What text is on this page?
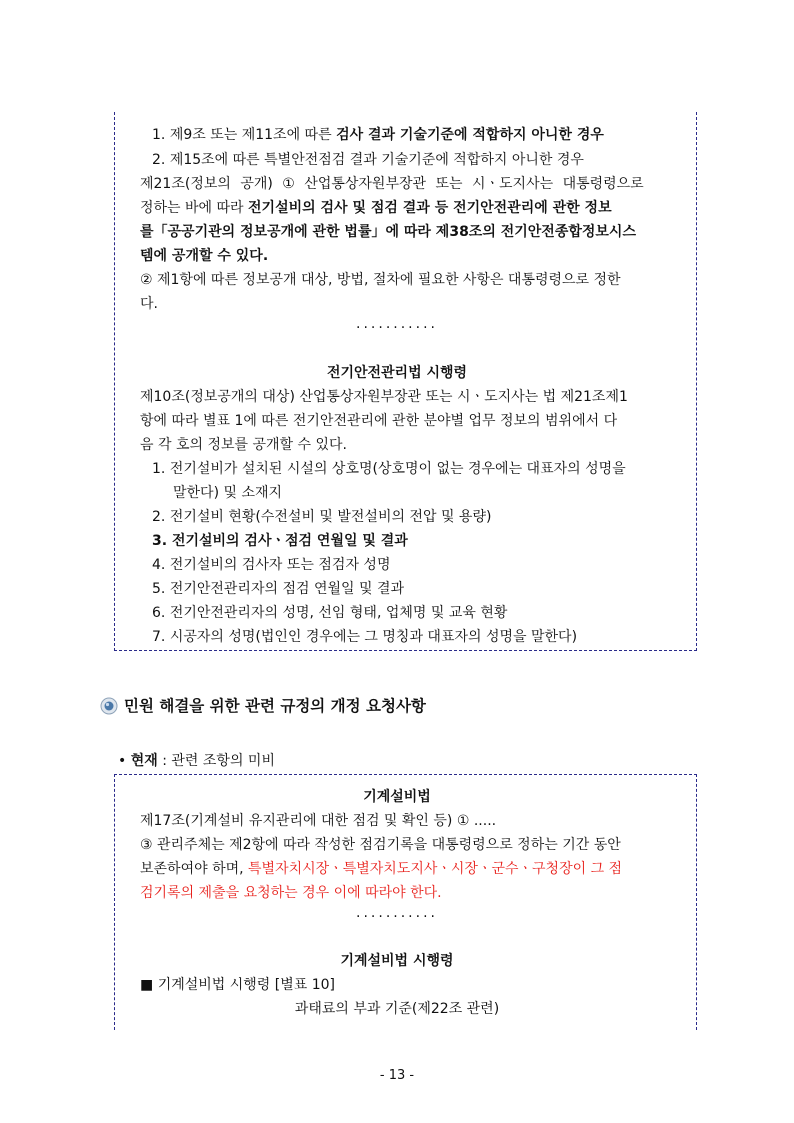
1. 제9조 또는 제11조에 따른 검사 결과 기술기준에 적합하지 아니한 경우
2. 제15조에 따른 특별안전점검 결과 기술기준에 적합하지 아니한 경우
제21조(정보의 공개) ① 산업통상자원부장관 또는 시ㆍ도지사는 대통령령으로
정하는 바에 따라 전기설비의 검사 및 점검 결과 등 전기안전관리에 관한 정보
를「공공기관의 정보공개에 관한 법률」에 따라 제38조의 전기안전종합정보시스
템에 공개할 수 있다.
② 제1항에 따른 정보공개 대상, 방법, 절차에 필요한 사항은 대통령령으로 정한
다.
···········
전기안전관리법 시행령
제10조(정보공개의 대상) 산업통상자원부장관 또는 시ㆍ도지사는 법 제21조제1
항에 따라 별표 1에 따른 전기안전관리에 관한 분야별 업무 정보의 범위에서 다
음 각 호의 정보를 공개할 수 있다.
1. 전기설비가 설치된 시설의 상호명(상호명이 없는 경우에는 대표자의 성명을
말한다) 및 소재지
2. 전기설비 현황(수전설비 및 발전설비의 전압 및 용량)
3. 전기설비의 검사ㆍ점검 연월일 및 결과
4. 전기설비의 검사자 또는 점검자 성명
5. 전기안전관리자의 점검 연월일 및 결과
6. 전기안전관리자의 성명, 선임 형태, 업체명 및 교육 현황
7. 시공자의 성명(법인인 경우에는 그 명칭과 대표자의 성명을 말한다)
민원 해결을 위한 관련 규정의 개정 요청사항
• 현재 : 관련 조항의 미비
기계설비법
제17조(기계설비 유지관리에 대한 점검 및 확인 등) ① .....
③ 관리주체는 제2항에 따라 작성한 점검기록을 대통령령으로 정하는 기간 동안
보존하여야 하며, 특별자치시장ㆍ특별자치도지사ㆍ시장ㆍ군수ㆍ구청장이 그 점
검기록의 제출을 요청하는 경우 이에 따라야 한다.
···········
기계설비법 시행령
■ 기계설비법 시행령 [별표 10]
과태료의 부과 기준(제22조 관련)
- 13 -
